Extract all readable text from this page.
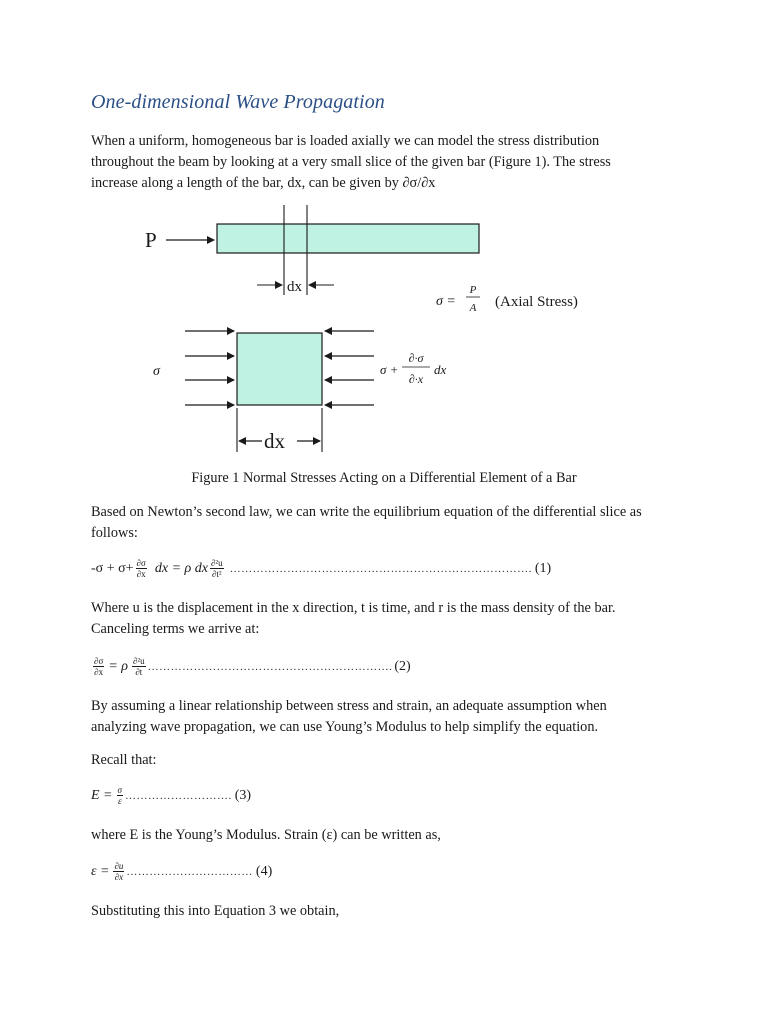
One-dimensional Wave Propagation

When a uniform, homogeneous bar is loaded axially we can model the stress distribution
throughout the beam by looking at a very small slice of the given bar (Figure 1). The stress
increase along a length of the bar, dx, can be given by ∂σ/∂x

P
dx
σ =
P
A (Axial Stress)
σ	σ +
∂·σ
∂·x
dx
dx
Figure 1 Normal Stresses Acting on a Differential Element of a Bar

Based on Newton’s second law, we can write the equilibrium equation of the differential slice as
follows:

$-\sigma + \sigma+ \frac{\partial\sigma}{\partial x}$ dx = ρ dx $\frac{\text{∂²u}}{\text{∂t²}}$ ……………………………………………………………………. (1)

Where u is the displacement in the x direction, t is time, and r is the mass density of the bar.
Canceling terms we arrive at:

$\frac{\partial\sigma}{\partial x} = \rho \frac{\text{∂²u}}{\partial t}$ ………………………………………………………. (2)

By assuming a linear relationship between stress and strain, an adequate assumption when
analyzing wave propagation, we can use Young’s Modulus to help simplify the equation.

Recall that:

$E = \frac{\sigma}{\varepsilon}$ ………………………. (3)

where E is the Young’s Modulus. Strain (ε) can be written as,

$\varepsilon = \frac{\partial u}{\partial x}$ …………………………… (4)

Substituting this into Equation 3 we obtain,
